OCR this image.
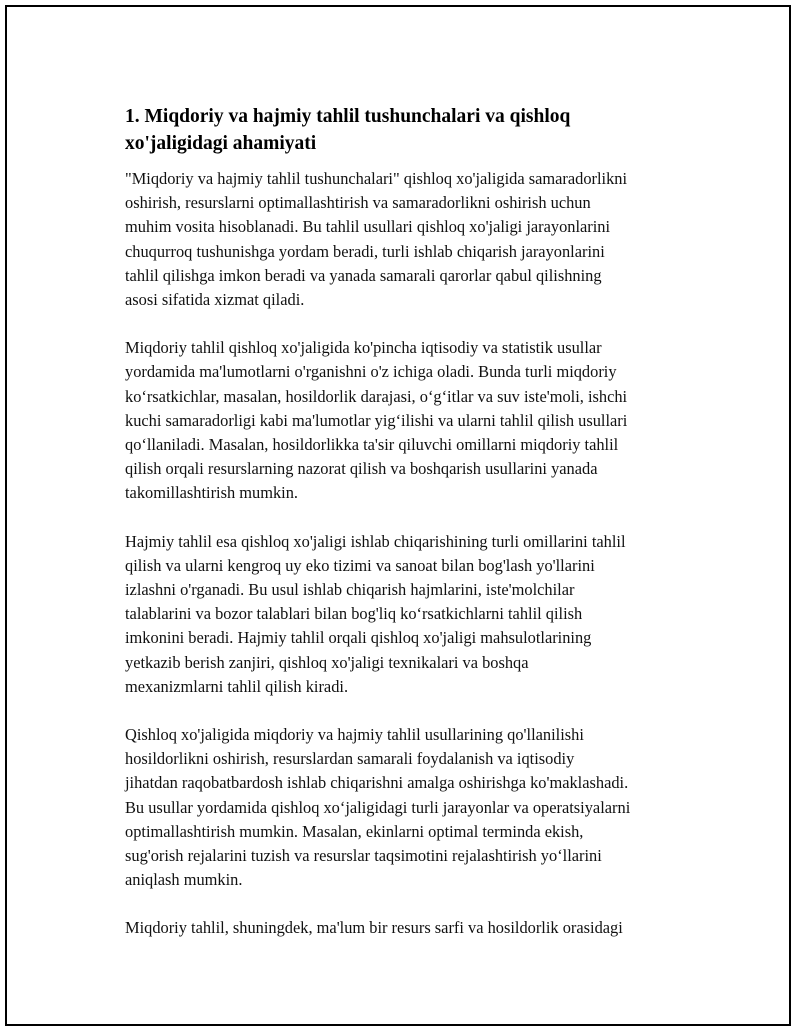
1. Miqdoriy va hajmiy tahlil tushunchalari va qishloq
xo'jaligidagi ahamiyati

"Miqdoriy va hajmiy tahlil tushunchalari" qishloq xo'jaligida samaradorlikni
oshirish, resurslarni optimallashtirish va samaradorlikni oshirish uchun
muhim vosita hisoblanadi. Bu tahlil usullari qishloq xo'jaligi jarayonlarini
chuqurroq tushunishga yordam beradi, turli ishlab chiqarish jarayonlarini
tahlil qilishga imkon beradi va yanada samarali qarorlar qabul qilishning
asosi sifatida xizmat qiladi.

Miqdoriy tahlil qishloq xo'jaligida ko'pincha iqtisodiy va statistik usullar
yordamida ma'lumotlarni o'rganishni o'z ichiga oladi. Bunda turli miqdoriy
ko‘rsatkichlar, masalan, hosildorlik darajasi, o‘g‘itlar va suv iste'moli, ishchi
kuchi samaradorligi kabi ma'lumotlar yig‘ilishi va ularni tahlil qilish usullari
qo‘llaniladi. Masalan, hosildorlikka ta'sir qiluvchi omillarni miqdoriy tahlil
qilish orqali resurslarning nazorat qilish va boshqarish usullarini yanada
takomillashtirish mumkin.

Hajmiy tahlil esa qishloq xo'jaligi ishlab chiqarishining turli omillarini tahlil
qilish va ularni kengroq uy eko tizimi va sanoat bilan bog'lash yo'llarini
izlashni o'rganadi. Bu usul ishlab chiqarish hajmlarini, iste'molchilar
talablarini va bozor talablari bilan bog'liq ko‘rsatkichlarni tahlil qilish
imkonini beradi. Hajmiy tahlil orqali qishloq xo'jaligi mahsulotlarining
yetkazib berish zanjiri, qishloq xo'jaligi texnikalari va boshqa
mexanizmlarni tahlil qilish kiradi.

Qishloq xo'jaligida miqdoriy va hajmiy tahlil usullarining qo'llanilishi
hosildorlikni oshirish, resurslardan samarali foydalanish va iqtisodiy
jihatdan raqobatbardosh ishlab chiqarishni amalga oshirishga ko'maklashadi.
Bu usullar yordamida qishloq xo‘jaligidagi turli jarayonlar va operatsiyalarni
optimallashtirish mumkin. Masalan, ekinlarni optimal terminda ekish,
sug'orish rejalarini tuzish va resurslar taqsimotini rejalashtirish yo‘llarini
aniqlash mumkin.

Miqdoriy tahlil, shuningdek, ma'lum bir resurs sarfi va hosildorlik orasidagi
